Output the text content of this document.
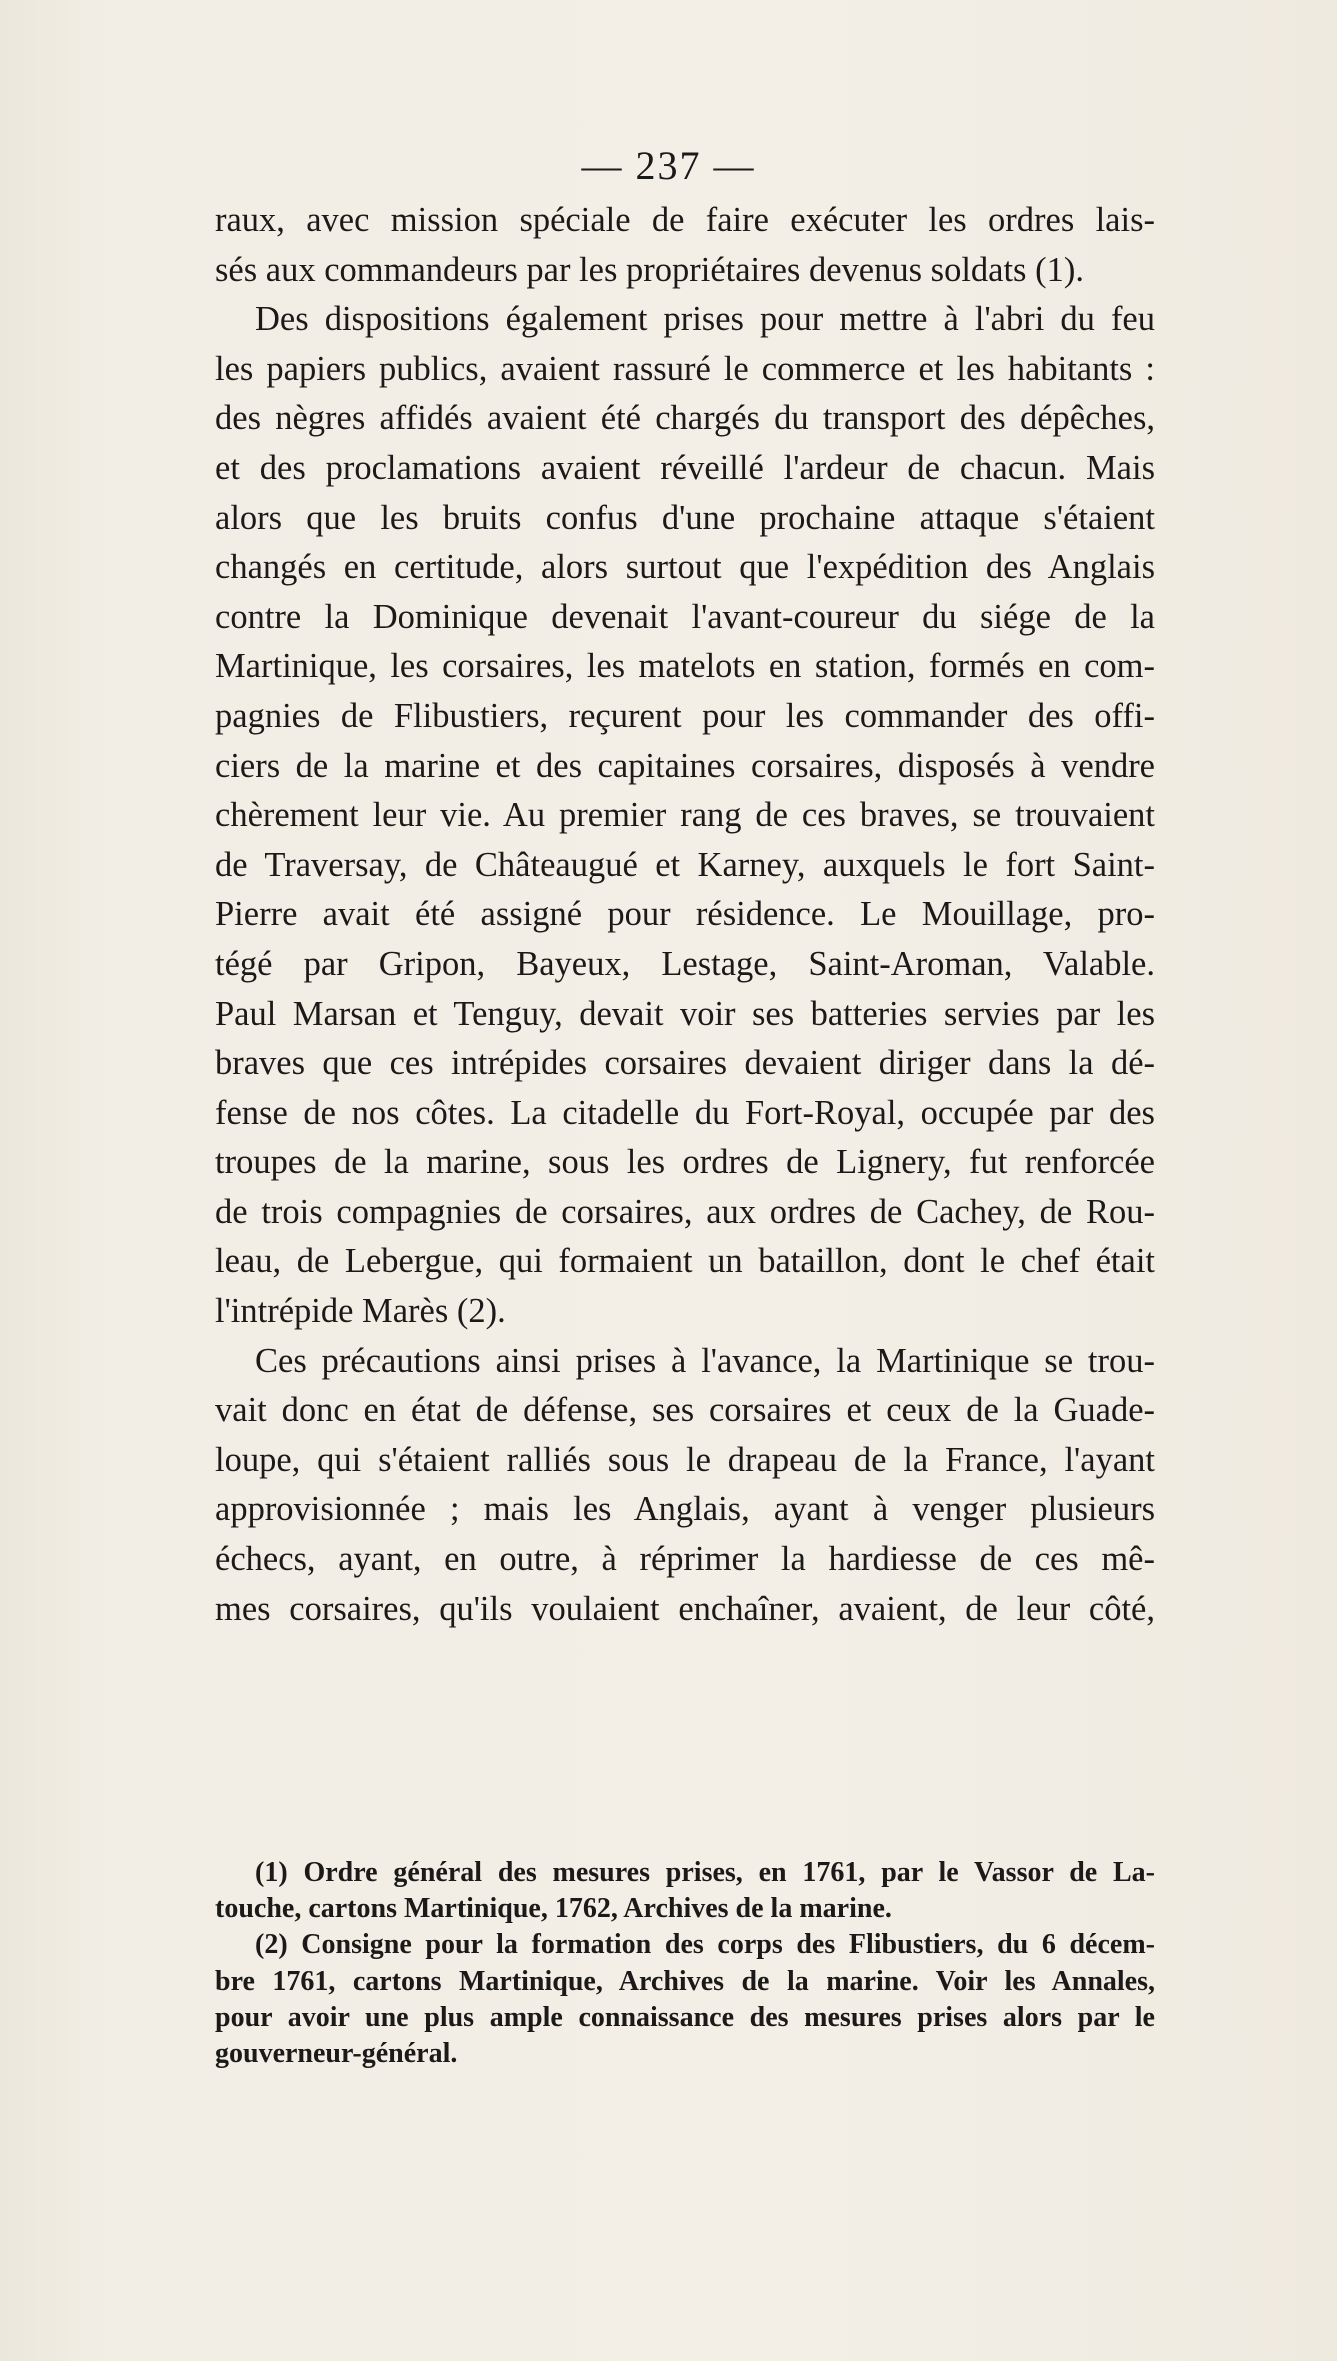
— 237 —
raux, avec mission spéciale de faire exécuter les ordres lais-
sés aux commandeurs par les propriétaires devenus soldats (1).
Des dispositions également prises pour mettre à l'abri du feu
les papiers publics, avaient rassuré le commerce et les habitants :
des nègres affidés avaient été chargés du transport des dépêches,
et des proclamations avaient réveillé l'ardeur de chacun. Mais
alors que les bruits confus d'une prochaine attaque s'étaient
changés en certitude, alors surtout que l'expédition des Anglais
contre la Dominique devenait l'avant-coureur du siége de la
Martinique, les corsaires, les matelots en station, formés en com-
pagnies de Flibustiers, reçurent pour les commander des offi-
ciers de la marine et des capitaines corsaires, disposés à vendre
chèrement leur vie. Au premier rang de ces braves, se trouvaient
de Traversay, de Châteaugué et Karney, auxquels le fort Saint-
Pierre avait été assigné pour résidence. Le Mouillage, pro-
tégé par Gripon, Bayeux, Lestage, Saint-Aroman, Valable.
Paul Marsan et Tenguy, devait voir ses batteries servies par les
braves que ces intrépides corsaires devaient diriger dans la dé-
fense de nos côtes. La citadelle du Fort-Royal, occupée par des
troupes de la marine, sous les ordres de Lignery, fut renforcée
de trois compagnies de corsaires, aux ordres de Cachey, de Rou-
leau, de Lebergue, qui formaient un bataillon, dont le chef était
l'intrépide Marès (2).
Ces précautions ainsi prises à l'avance, la Martinique se trou-
vait donc en état de défense, ses corsaires et ceux de la Guade-
loupe, qui s'étaient ralliés sous le drapeau de la France, l'ayant
approvisionnée ; mais les Anglais, ayant à venger plusieurs
échecs, ayant, en outre, à réprimer la hardiesse de ces mê-
mes corsaires, qu'ils voulaient enchaîner, avaient, de leur côté,
(1) Ordre général des mesures prises, en 1761, par le Vassor de La-
touche, cartons Martinique, 1762, Archives de la marine.
(2) Consigne pour la formation des corps des Flibustiers, du 6 décem-
bre 1761, cartons Martinique, Archives de la marine. Voir les Annales,
pour avoir une plus ample connaissance des mesures prises alors par le
gouverneur-général.
